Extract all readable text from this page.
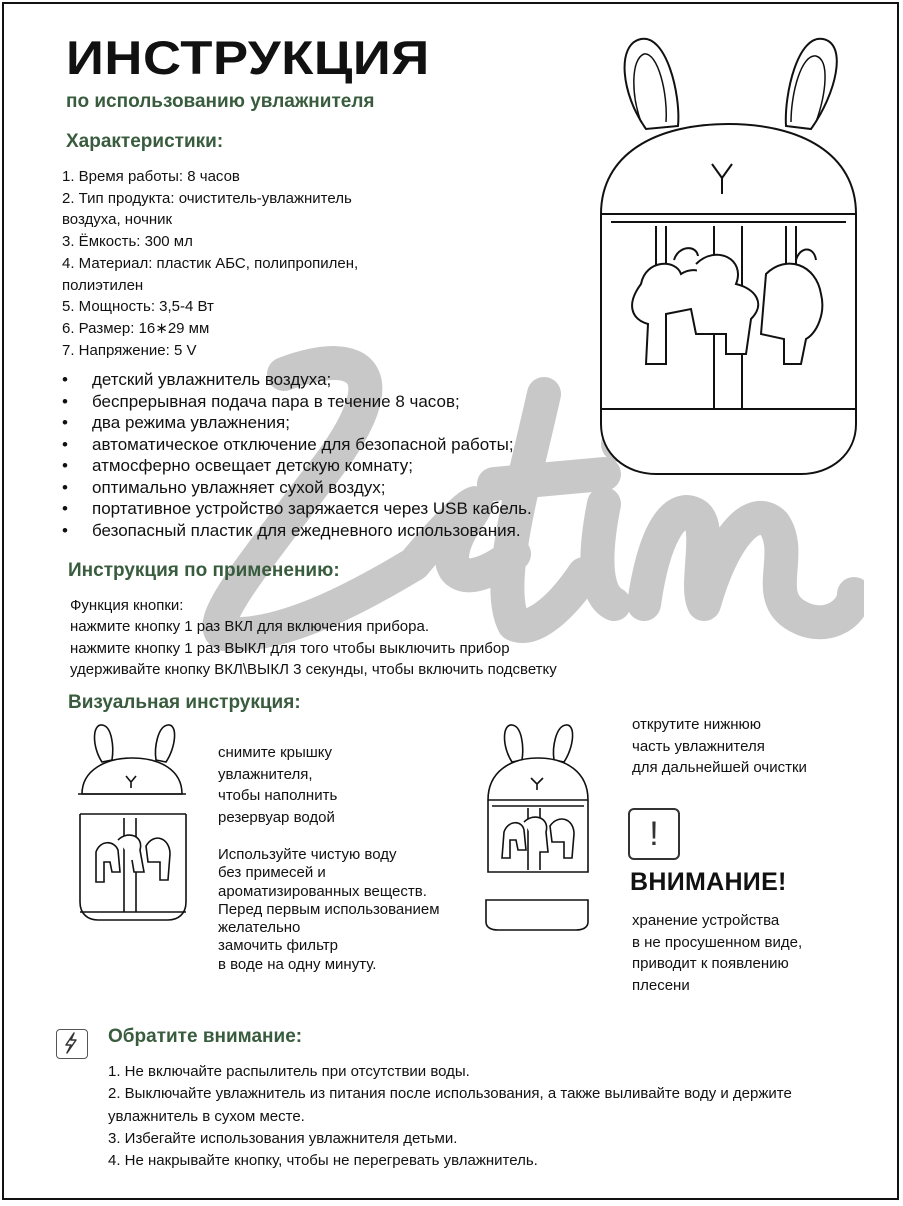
ИНСТРУКЦИЯ
по использованию увлажнителя
Характеристики:
1. Время работы: 8 часов
2. Тип продукта: очиститель-увлажнитель
воздуха, ночник
3. Ёмкость: 300 мл
4. Материал: пластик АБС, полипропилен,
полиэтилен
5. Мощность: 3,5-4 Вт
6. Размер: 16∗29 мм
7. Напряжение: 5 V
• детский увлажнитель воздуха;
• беспрерывная подача пара в течение 8 часов;
• два режима увлажнения;
• автоматическое отключение для безопасной работы;
• атмосферно освещает детскую комнату;
• оптимально увлажняет сухой воздух;
• портативное устройство заряжается через USB кабель.
• безопасный пластик для ежедневного использования.
Инструкция по применению:
Функция кнопки:
нажмите кнопку 1 раз ВКЛ для включения прибора.
нажмите кнопку 1 раз ВЫКЛ для того чтобы выключить прибор
удерживайте кнопку ВКЛ\ВЫКЛ 3 секунды, чтобы включить подсветку
Визуальная инструкция:
снимите крышку
увлажнителя,
чтобы наполнить
резервуар водой
Используйте чистую воду
без примесей и
ароматизированных веществ.
Перед первым использованием
желательно
замочить фильтр
в воде на одну минуту.
открутите нижнюю
часть увлажнителя
для дальнейшей очистки
!
ВНИМАНИЕ!
хранение устройства
в не просушенном виде,
приводит к появлению
плесени
Обратите внимание:
1. Не включайте распылитель при отсутствии воды.
2. Выключайте увлажнитель из питания после использования, а также выливайте воду и держите увлажнитель в сухом месте.
3. Избегайте использования увлажнителя детьми.
4. Не накрывайте кнопку, чтобы не перегревать увлажнитель.
